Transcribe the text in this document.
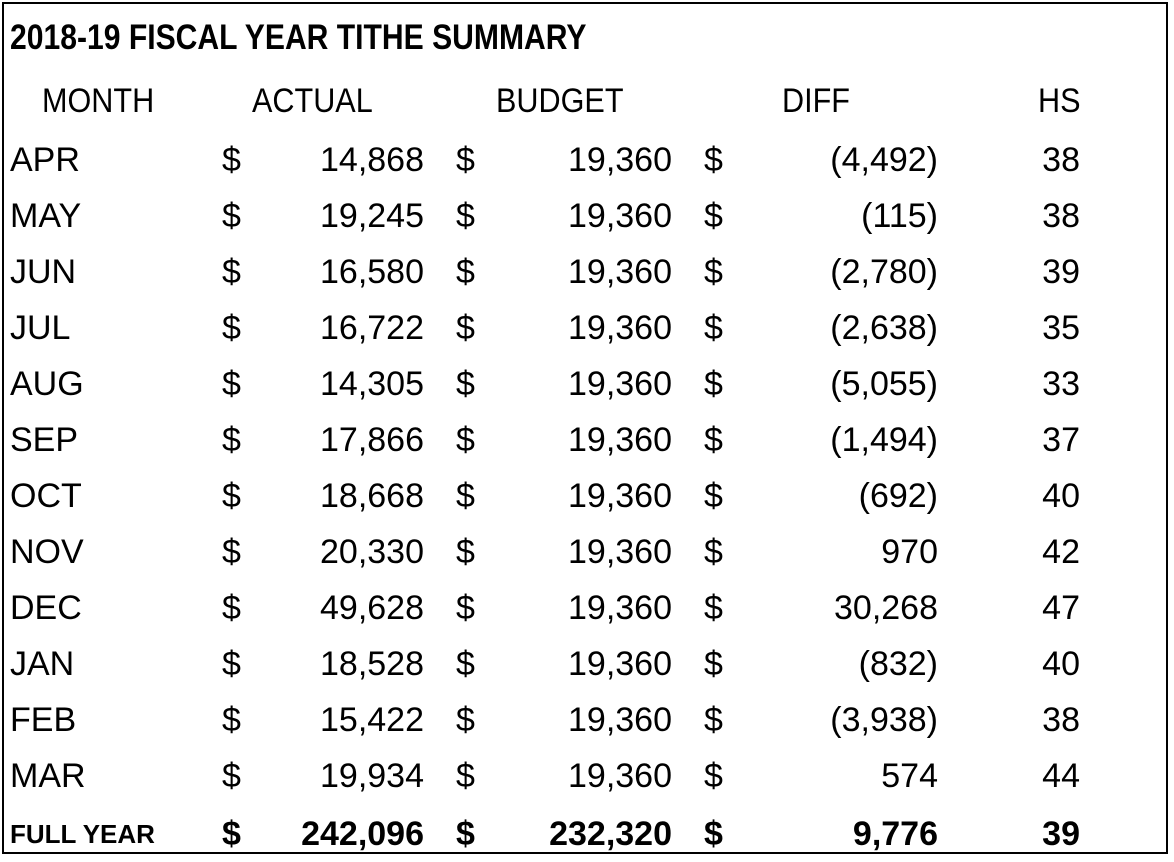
2018-19 FISCAL YEAR TITHE SUMMARY
MONTH	ACTUAL	BUDGET	DIFF	HS
APR	$	14,868 $	19,360 $	(4,492)	38
MAY	$	19,245 $	19,360 $	(115)	38
JUN	$	16,580 $	19,360 $	(2,780)	39
JUL	$	16,722 $	19,360 $	(2,638)	35
AUG	$	14,305 $	19,360 $	(5,055)	33
SEP	$	17,866 $	19,360 $	(1,494)	37
OCT	$	18,668 $	19,360 $	(692)	40
NOV	$	20,330 $	19,360 $	970	42
DEC	$	49,628 $	19,360 $	30,268	47
JAN	$	18,528 $	19,360 $	(832)	40
FEB	$	15,422 $	19,360 $	(3,938)	38
MAR	$	19,934 $	19,360 $	574	44
FULL YEAR $	242,096 $	232,320 $	9,776	39
